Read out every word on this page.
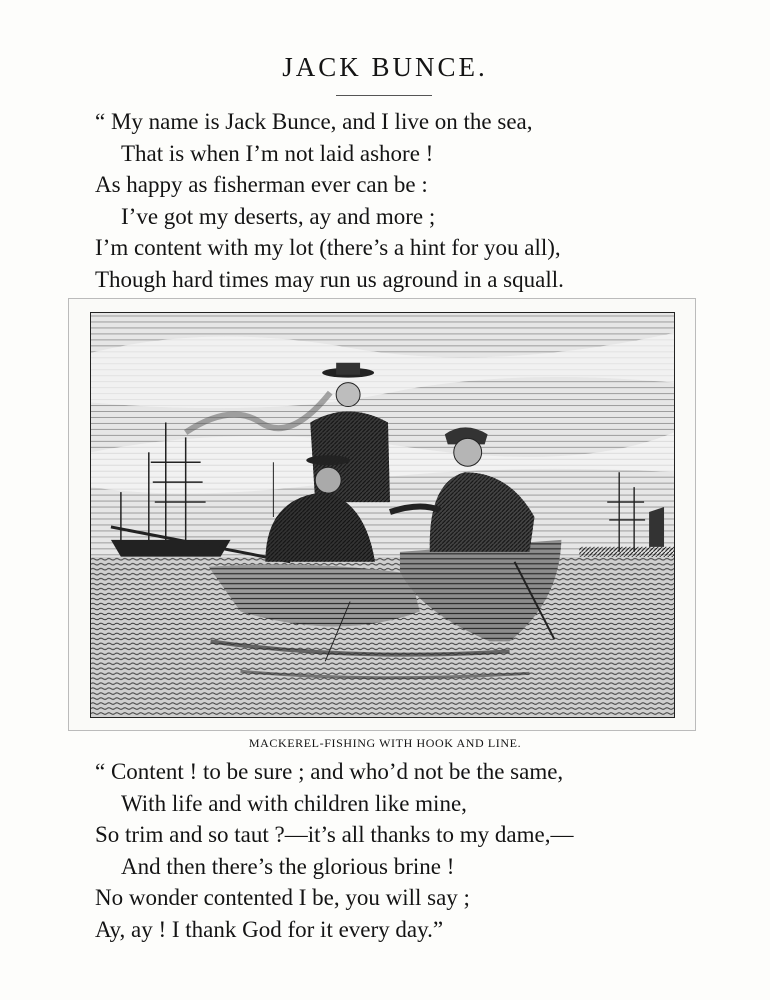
JACK BUNCE.
“ My name is Jack Bunce, and I live on the sea,
That is when I’m not laid ashore !
As happy as fisherman ever can be :
I’ve got my deserts, ay and more ;
I’m content with my lot (there’s a hint for you all),
Though hard times may run us aground in a squall.
MACKEREL-FISHING WITH HOOK AND LINE.
“ Content ! to be sure ; and who’d not be the same,
With life and with children like mine,
So trim and so taut ?—it’s all thanks to my dame,—
And then there’s the glorious brine !
No wonder contented I be, you will say ;
Ay, ay ! I thank God for it every day.”
